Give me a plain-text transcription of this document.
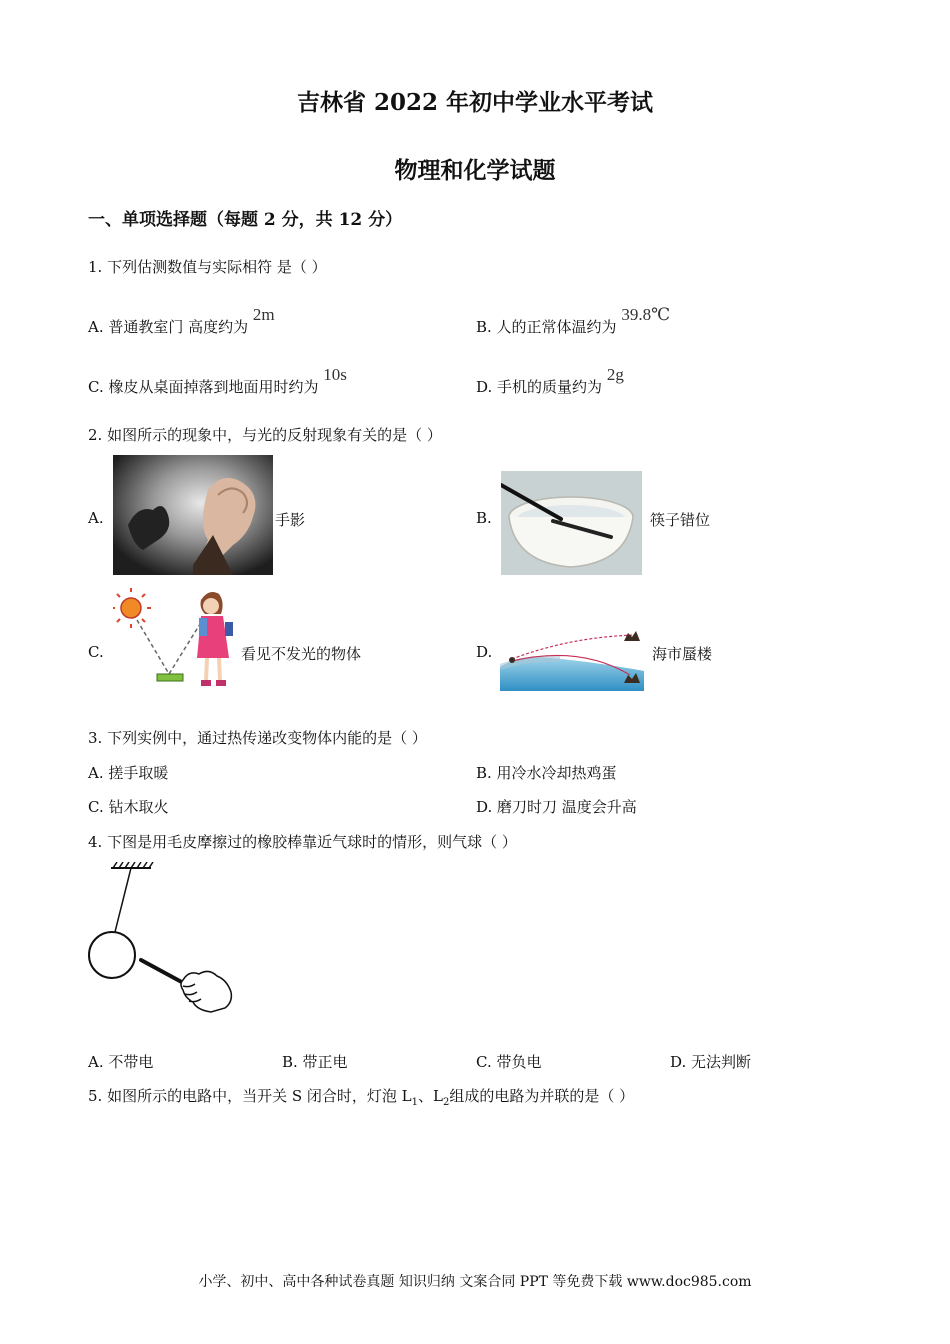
吉林省 2022 年初中学业水平考试
物理和化学试题
一、单项选择题（每题 2 分，共 12 分）
1. 下列估测数值与实际相符 是（ ）
A. 普通教室门 高度约为 2m
B. 人的正常体温约为 39.8℃
C. 橡皮从桌面掉落到地面用时约为 10s
D. 手机的质量约为 2g
2. 如图所示的现象中，与光的反射现象有关的是（ ）
A.	手影	B.	筷子错位
C.	看见不发光的物体	D.	海市蜃楼
3. 下列实例中，通过热传递改变物体内能的是（ ）
A. 搓手取暖	B. 用冷水冷却热鸡蛋
C. 钻木取火	D. 磨刀时刀 温度会升高
4. 下图是用毛皮摩擦过的橡胶棒靠近气球时的情形，则气球（ ）
A. 不带电	B. 带正电	C. 带负电	D. 无法判断
5. 如图所示的电路中，当开关 S 闭合时，灯泡 $L_1$、$L_2$组成的电路为并联的是（ ）
小学、初中、高中各种试卷真题 知识归纳 文案合同 PPT 等免费下载 www.doc985.com
